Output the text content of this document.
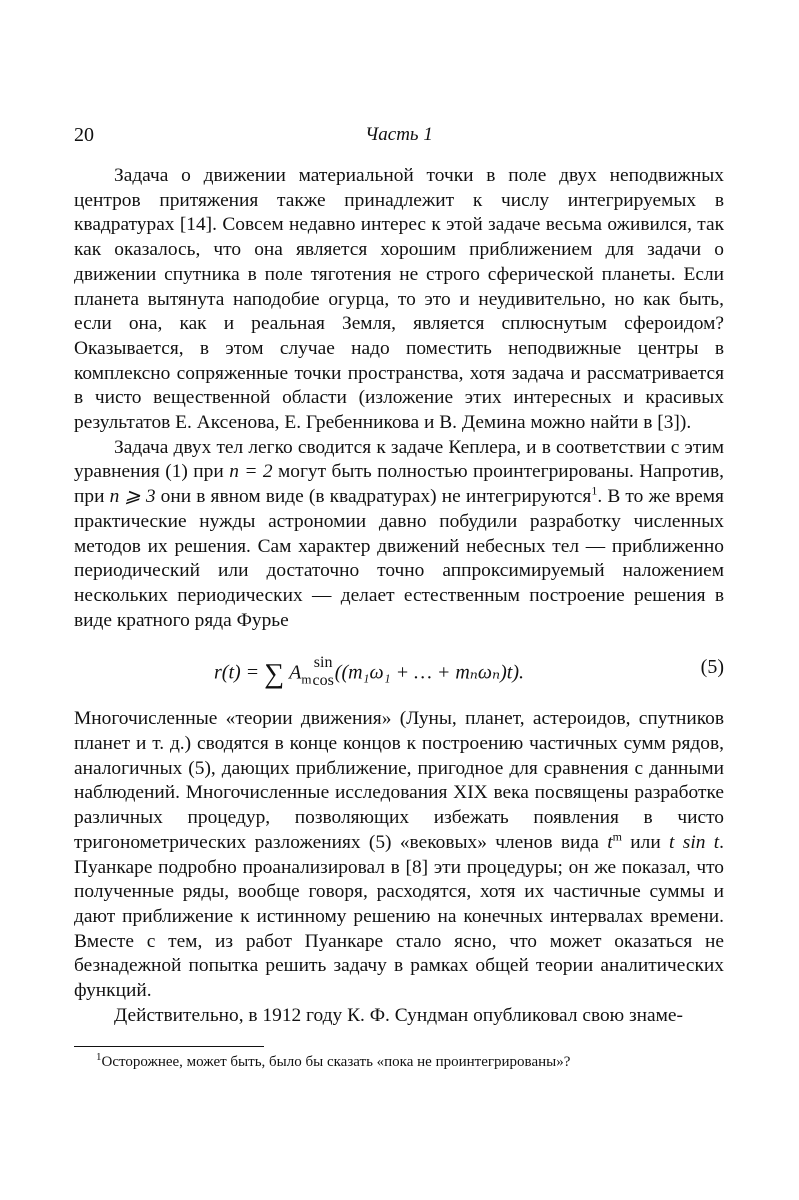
20	Часть 1

Задача о движении материальной точки в поле двух неподвижных центров притяжения также принадлежит к числу интегрируемых в квадратурах [14]. Совсем недавно интерес к этой задаче весьма оживился, так как оказалось, что она является хорошим приближением для задачи о движении спутника в поле тяготения не строго сферической планеты. Если планета вытянута наподобие огурца, то это и неудивительно, но как быть, если она, как и реальная Земля, является сплюснутым сфероидом? Оказывается, в этом случае надо поместить неподвижные центры в комплексно сопряженные точки пространства, хотя задача и рассматривается в чисто вещественной области (изложение этих интересных и красивых результатов Е. Аксенова, Е. Гребенникова и В. Демина можно найти в [3]).

Задача двух тел легко сводится к задаче Кеплера, и в соответствии с этим уравнения (1) при n = 2 могут быть полностью проинтегрированы. Напротив, при n ⩾ 3 они в явном виде (в квадратурах) не интегрируются$^1$. В то же время практические нужды астрономии давно побудили разработку численных методов их решения. Сам характер движений небесных тел — приближенно периодический или достаточно точно аппроксимируемый наложением нескольких периодических — делает естественным построение решения в виде кратного ряда Фурье

r(t) = ∑ $A_m$
sin
cos ((m₁ω₁ + … + mₙωₙ)t).	(5)

Многочисленные «теории движения» (Луны, планет, астероидов, спутников планет и т. д.) сводятся в конце концов к построению частичных сумм рядов, аналогичных (5), дающих приближение, пригодное для сравнения с данными наблюдений. Многочисленные исследования XIX века посвящены разработке различных процедур, позволяющих избежать появления в чисто тригонометрических разложениях (5) «вековых» членов вида $t^m$ или t sin t. Пуанкаре подробно проанализировал в [8] эти процедуры; он же показал, что полученные ряды, вообще говоря, расходятся, хотя их частичные суммы и дают приближение к истинному решению на конечных интервалах времени. Вместе с тем, из работ Пуанкаре стало ясно, что может оказаться не безнадежной попытка решить задачу в рамках общей теории аналитических функций.

Действительно, в 1912 году К. Ф. Сундман опубликовал свою знаме-

$^1$Осторожнее, может быть, было бы сказать «пока не проинтегрированы»?
